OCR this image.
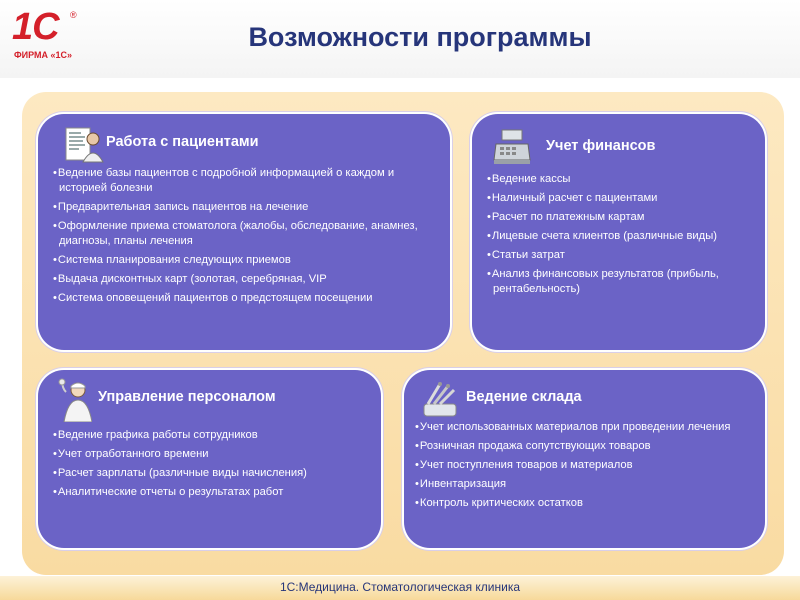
1С ®
ФИРМА «1С»
Возможности программы
Работа с пациентами
• Ведение базы пациентов с подробной информацией о каждом и историей болезни
• Предварительная запись пациентов на лечение
• Оформление приема стоматолога (жалобы, обследование, анамнез, диагнозы, планы лечения
• Система планирования следующих приемов
• Выдача дисконтных карт (золотая, серебряная, VIP
• Система оповещений пациентов о предстоящем посещении
Учет финансов
• Ведение кассы
• Наличный расчет с пациентами
• Расчет по платежным картам
• Лицевые счета клиентов (различные виды)
• Статьи затрат
• Анализ финансовых результатов (прибыль, рентабельность)
Управление персоналом
• Ведение графика работы сотрудников
• Учет отработанного времени
• Расчет зарплаты (различные виды начисления)
• Аналитические отчеты о результатах работ
Ведение склада
• Учет использованных материалов при проведении лечения
• Розничная продажа сопутствующих товаров
• Учет поступления товаров и материалов
• Инвентаризация
• Контроль критических остатков
1С:Медицина. Стоматологическая клиника
